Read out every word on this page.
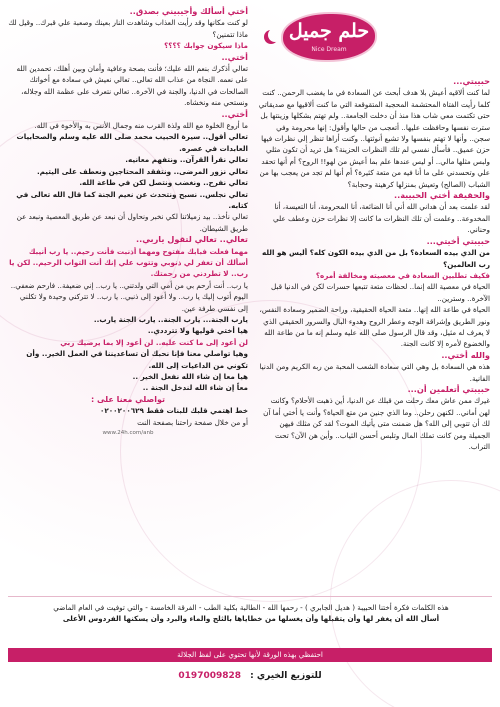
حلم جميل
Nice Dream

حبيبتي...

لما كنت ألاقيه أعيش بلا هدف أبحث عن السعادة في ما يغضب الرحمن.. كنت كلما رأيت الفتاة المحتشمة المحجبة المتقوقعة التي ما كنت ألاقيها مع صديقاتي حتى تكتمت معي شاب هذا منذ أن دخلت الجامعة.. ولم تهتم بشكلها وزينتها بل سترت نفسها وحافظت عليها.. أتعجب من حالها وأقول: إنها محرومة وفي سجن.. وأنها لا تهتم بنفسها ولا تشبع أنوثتها.. وكنت أراها تنظر إلي نظرات فيها حزن عميق.. فأسأل نفسي لم تلك النظرات الحزينة؟ هل تريد أن تكون مثلي ولبس مثلها مالي.. أو ليس عندها علم بما أعيش من لهو!! الروح؟ أم أنها تحقد علي وتحسدني على ما أنا فيه من متعة كثيرة؟ أم أنها لم تجد من يعجب بها من الشباب (الصالح) وتعيش بمنزلها كرهينة وحجابة؟

والحقيقة أختي الحبيبة..

لقد علمت بعد أن هداني الله أني أنا الضائعة، أنا المحرومة، أنا التعيسة، أنا المخدوعة.. وعلمت أن تلك النظرات ما كانت إلا نظرات حزن وعطف علي وحناني.

حبيبتي أخيتي...

من الذي بيده السعادة؟ بل من الذي بيده الكون كله؟ أليس هو الله رب العالمين؟

فكيف تطلبين السعادة في معصيته ومخالفة أمره؟

الحياة في معصية الله إنما.. لحظات متعة تتبعها حسرات لكن في الدنيا قبل الآخرة.. وسترين..

الحياة في طاعة الله إنها.. متعة الحياة الحقيقية، وراحة الضمير وسعادة النفس، ونور الطريق وإشراقة الوجه وعطر الروح وهدوء البال والسرور الحقيقي الذي لا يعرف له مثيل، وقد قال الرسول صلى الله عليه وسلم إنه ما من طاعة الله والخضوع لأمره إلا كانت الجنة.

والله أختي..

هذه هي السعادة بل وهي التي سعادة الشعب المحبة من ربه الكريم ومن الدنيا الفانية.

حبيبتي أتعلمين أن...

غيرك ممن عاش معك رحلت من قبلك عن الدنيا، أين ذهبت الأحلام؟ وكانت لهن أماني.. لكنهن رحلن.. وما الذي جنين من متع الحياة؟ وأنت يا أختي أما آن لك أن تتوبي إلى الله؟ هل ضمنت متى يأتيك الموت؟ لقد كن مثلك فيهن الجميلة ومن كانت تملك المال وتلبس أحسن الثياب.. وأين هن الآن؟ تحت التراب.

أختي أسألك وأجيبيني بصدق..

لو كنت مكانها وقد رأيت العذاب وشاهدت النار بعينك وصعبة علي قبرك.. وقيل لك ماذا تتمنين؟

ماذا سيكون جوابك ؟؟؟؟

أختي..

تعالي أذكرك بنعم الله عليك؛ فأنت بصحة وعافية وأمان وبين أهلك، تحمدين الله على نعمه. النجاة من عذاب الله تعالى.. تعالي نعيش في سعادة مع أخواتك الصالحات في الدنيا، والجنة في الآخرة.. تعالي نتعرف على عظمة الله وجلاله، ونستحي منه ونخشاه.

أختي..

ما أروع الخلوة مع الله ولذة القرب منه وجمال الأنس به والأخوة في الله.

تعالي أقول.. سيرة الحبيب محمد صلى الله عليه وسلم والصحابيات العابدات في عصره.

تعالي نقرأ القرآن.. ونتفهم معانيه.

تعالي نزور المرضى.. ونتفقد المحتاجين ونعطف على اليتيم.

تعالي نفرح.. ونغضب ونتصل لكن في طاعة الله.

تعالي نجلس.. نسبح ونتحدث عن نعيم الجنة كما قال الله تعالى في كتابه.

تعالي نأخذ.. بيد زميلاتنا لكي نخبر ونحاول أن نبعد عن طريق المعصية ونبعد عن طريق الشيطان.

تعالي.. تعالي لتقول ياربي..

مهما فعلت فبابك مفتوح ومهما أذنبت فأنت رحيم.. يا رب أنيبك أسألك أن تغفر لي ذنوبي وتتوب علي إنك أنت التواب الرحيم.. لكن يا رب.. لا تطردني من رحمتك.

يا رب.. أنت أرحم بي من أمي التي ولدتني.. يا رب.. إني ضعيفة.. فارحم ضعفي.. اليوم أتوب إليك يا رب.. ولا أعود إلى ذنبي.. يا رب.. لا تتركني وحيدة ولا تكلني إلى نفسي طرفة عين.

يارب الجنة... يارب الجنة.. يارب الجنة يارب..

هيا أختي قوليها ولا تترددي..

لن أعود إلى ما كنت عليه.. لن أعود إلا بما يرضيك ربي

وهيا تواصلي معنا فإنا نحبك أن تساعديننا في العمل الخير.. وأن تكوني من الداعيات إلى الله.

هيا معا إن شاء الله نفعل الخير ..

معاً إن شاء الله لندخل الجنة ..

تواصلي معنا على :

خط اهتمي قلبك للبنات فقط ٠٢٠٠٢٠٠٦٢٩

أو من خلال صفحة راحتنا بصفحة النت

www.24h.com/anb

هذه الكلمات فكرة أختنا الحبيبة ( هديل الجابري ) - رحمها الله - الطالبة بكلية الطب - الفرقة الخامسة - والتي توفيت في العام الماضي

أسأل الله أن يغفر لها وأن يتقبلها وأن يغسلها من خطاياها بالثلج والماء والبرد وأن يسكنها الفردوس الأعلى

احتفظي بهذه الورقة لأنها تحتوي على لفظ الجلالة
للتوزيع الخيري : 0197009828
